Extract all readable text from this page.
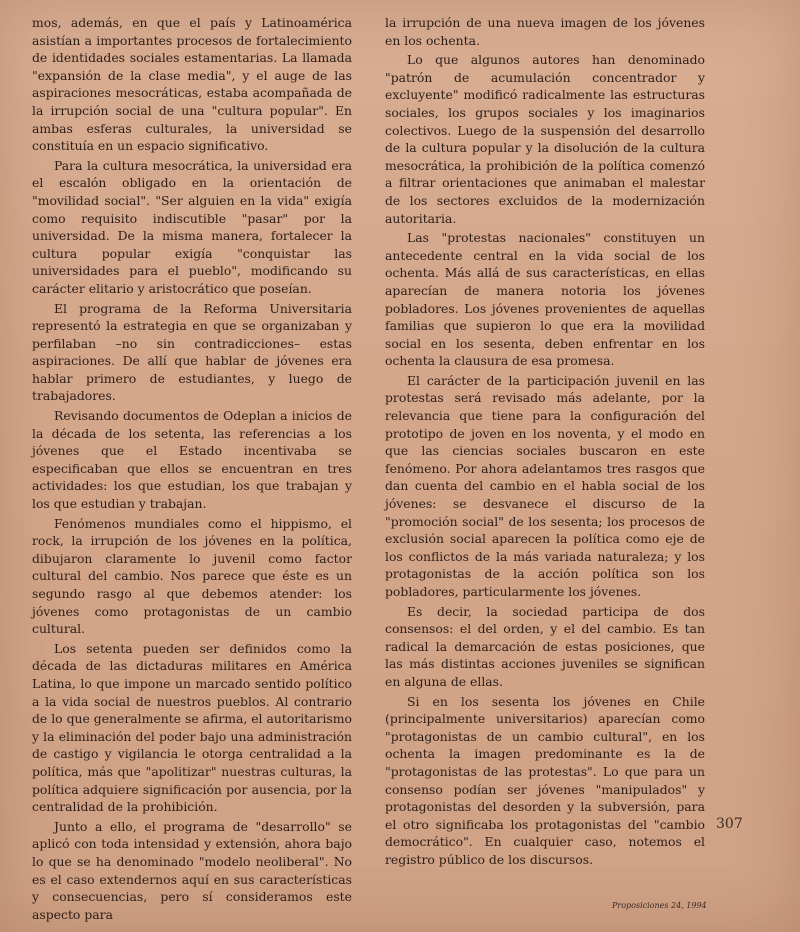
mos, además, en que el país y Latinoamérica asistían a importantes procesos de fortalecimiento de identidades sociales estamentarias. La llamada "expansión de la clase media", y el auge de las aspiraciones mesocráticas, estaba acompañada de la irrupción social de una "cultura popular". En ambas esferas culturales, la universidad se constituía en un espacio significativo.

Para la cultura mesocrática, la universidad era el escalón obligado en la orientación de "movilidad social". "Ser alguien en la vida" exigía como requisito indiscutible "pasar" por la universidad. De la misma manera, fortalecer la cultura popular exigía "conquistar las universidades para el pueblo", modificando su carácter elitario y aristocrático que poseían.

El programa de la Reforma Universitaria representó la estrategia en que se organizaban y perfilaban –no sin contradicciones– estas aspiraciones. De allí que hablar de jóvenes era hablar primero de estudiantes, y luego de trabajadores.

Revisando documentos de Odeplan a inicios de la década de los setenta, las referencias a los jóvenes que el Estado incentivaba se especificaban que ellos se encuentran en tres actividades: los que estudian, los que trabajan y los que estudian y trabajan.

Fenómenos mundiales como el hippismo, el rock, la irrupción de los jóvenes en la política, dibujaron claramente lo juvenil como factor cultural del cambio. Nos parece que éste es un segundo rasgo al que debemos atender: los jóvenes como protagonistas de un cambio cultural.

Los setenta pueden ser definidos como la década de las dictaduras militares en América Latina, lo que impone un marcado sentido político a la vida social de nuestros pueblos. Al contrario de lo que generalmente se afirma, el autoritarismo y la eliminación del poder bajo una administración de castigo y vigilancia le otorga centralidad a la política, más que "apolitizar" nuestras culturas, la política adquiere significación por ausencia, por la centralidad de la prohibición.

Junto a ello, el programa de "desarrollo" se aplicó con toda intensidad y extensión, ahora bajo lo que se ha denominado "modelo neoliberal". No es el caso extendernos aquí en sus características y consecuencias, pero sí consideramos este aspecto para

la irrupción de una nueva imagen de los jóvenes en los ochenta.

Lo que algunos autores han denominado "patrón de acumulación concentrador y excluyente" modificó radicalmente las estructuras sociales, los grupos sociales y los imaginarios colectivos. Luego de la suspensión del desarrollo de la cultura popular y la disolución de la cultura mesocrática, la prohibición de la política comenzó a filtrar orientaciones que animaban el malestar de los sectores excluidos de la modernización autoritaria.

Las "protestas nacionales" constituyen un antecedente central en la vida social de los ochenta. Más allá de sus características, en ellas aparecían de manera notoria los jóvenes pobladores. Los jóvenes provenientes de aquellas familias que supieron lo que era la movilidad social en los sesenta, deben enfrentar en los ochenta la clausura de esa promesa.

El carácter de la participación juvenil en las protestas será revisado más adelante, por la relevancia que tiene para la configuración del prototipo de joven en los noventa, y el modo en que las ciencias sociales buscaron en este fenómeno. Por ahora adelantamos tres rasgos que dan cuenta del cambio en el habla social de los jóvenes: se desvanece el discurso de la "promoción social" de los sesenta; los procesos de exclusión social aparecen la política como eje de los conflictos de la más variada naturaleza; y los protagonistas de la acción política son los pobladores, particularmente los jóvenes.

Es decir, la sociedad participa de dos consensos: el del orden, y el del cambio. Es tan radical la demarcación de estas posiciones, que las más distintas acciones juveniles se significan en alguna de ellas.

Si en los sesenta los jóvenes en Chile (principalmente universitarios) aparecían como "protagonistas de un cambio cultural", en los ochenta la imagen predominante es la de "protagonistas de las protestas". Lo que para un consenso podían ser jóvenes "manipulados" y protagonistas del desorden y la subversión, para el otro significaba los protagonistas del "cambio democrático". En cualquier caso, notemos el registro público de los discursos.

307
Proposiciones 24, 1994
